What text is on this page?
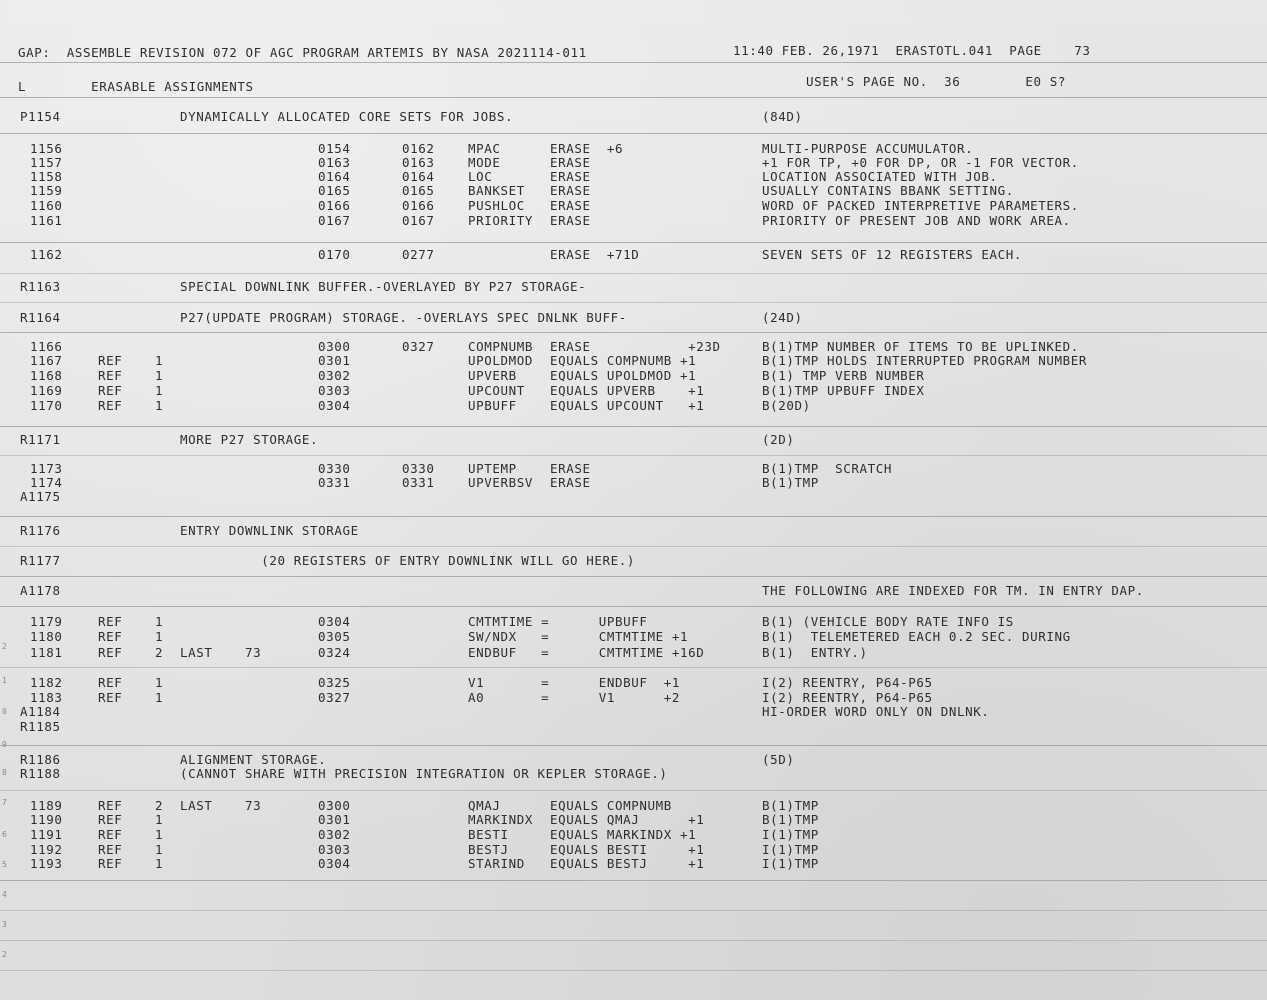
GAP:  ASSEMBLE REVISION 072 OF AGC PROGRAM ARTEMIS BY NASA 2021114-011	11:40 FEB. 26,1971  ERASTOTL.041  PAGE    73
L        ERASABLE ASSIGNMENTS	USER'S PAGE NO.  36        E0 S?
P1154	DYNAMICALLY ALLOCATED CORE SETS FOR JOBS.	(84D)
1156	0154	0162	MPAC	ERASE  +6	MULTI-PURPOSE ACCUMULATOR.
1157	0163	0163	MODE	ERASE	+1 FOR TP, +0 FOR DP, OR -1 FOR VECTOR.
1158	0164	0164	LOC	ERASE	LOCATION ASSOCIATED WITH JOB.
1159	0165	0165	BANKSET ERASE	USUALLY CONTAINS BBANK SETTING.
1160	0166	0166	PUSHLOC ERASE	WORD OF PACKED INTERPRETIVE PARAMETERS.
1161	0167	0167	PRIORITY ERASE	PRIORITY OF PRESENT JOB AND WORK AREA.
1162	0170	0277	ERASE  +71D	SEVEN SETS OF 12 REGISTERS EACH.
R1163	SPECIAL DOWNLINK BUFFER.-OVERLAYED BY P27 STORAGE-
R1164	P27(UPDATE PROGRAM) STORAGE. -OVERLAYS SPEC DNLNK BUFF-	(24D)
1166	0300	0327	COMPNUMB ERASE            +23D	B(1)TMP NUMBER OF ITEMS TO BE UPLINKED.
1167	REF	1	0301	UPOLDMOD EQUALS COMPNUMB +1	B(1)TMP HOLDS INTERRUPTED PROGRAM NUMBER
1168	REF	1	0302	UPVERB	EQUALS UPOLDMOD +1	B(1) TMP VERB NUMBER
1169	REF	1	0303	UPCOUNT EQUALS UPVERB    +1	B(1)TMP UPBUFF INDEX
1170	REF	1	0304	UPBUFF	EQUALS UPCOUNT   +1	B(20D)
R1171	MORE P27 STORAGE.	(2D)
1173	0330	0330	UPTEMP	ERASE	B(1)TMP  SCRATCH
1174	0331	0331	UPVERBSV ERASE	B(1)TMP
A1175
R1176	ENTRY DOWNLINK STORAGE
R1177	(20 REGISTERS OF ENTRY DOWNLINK WILL GO HERE.)
A1178	THE FOLLOWING ARE INDEXED FOR TM. IN ENTRY DAP.
1179	REF	1	0304	CMTMTIME = UPBUFF	B(1) (VEHICLE BODY RATE INFO IS
1180	REF	1	0305	SW/NDX   = CMTMTIME +1	B(1)  TELEMETERED EACH 0.2 SEC. DURING
1181	REF	2 LAST    73	0324	ENDBUF   = CMTMTIME +16D	B(1)  ENTRY.)
1182	REF	1	0325	V1       = ENDBUF  +1	I(2) REENTRY, P64-P65
1183	REF	1	0327	A0       = V1      +2	I(2) REENTRY, P64-P65
A1184	HI-ORDER WORD ONLY ON DNLNK.
R1185
R1186	ALIGNMENT STORAGE.	(5D)
R1188	(CANNOT SHARE WITH PRECISION INTEGRATION OR KEPLER STORAGE.)
1189	REF	2 LAST    73	0300	QMAJ	EQUALS COMPNUMB	B(1)TMP
1190	REF	1	0301	MARKINDX EQUALS QMAJ      +1	B(1)TMP
1191	REF	1	0302	BESTI	EQUALS MARKINDX +1	I(1)TMP
1192	REF	1	0303	BESTJ	EQUALS BESTI     +1	I(1)TMP
1193	REF	1	0304	STARIND EQUALS BESTJ     +1	I(1)TMP
2
1
0
9
8
7
6
5
4
3
2
